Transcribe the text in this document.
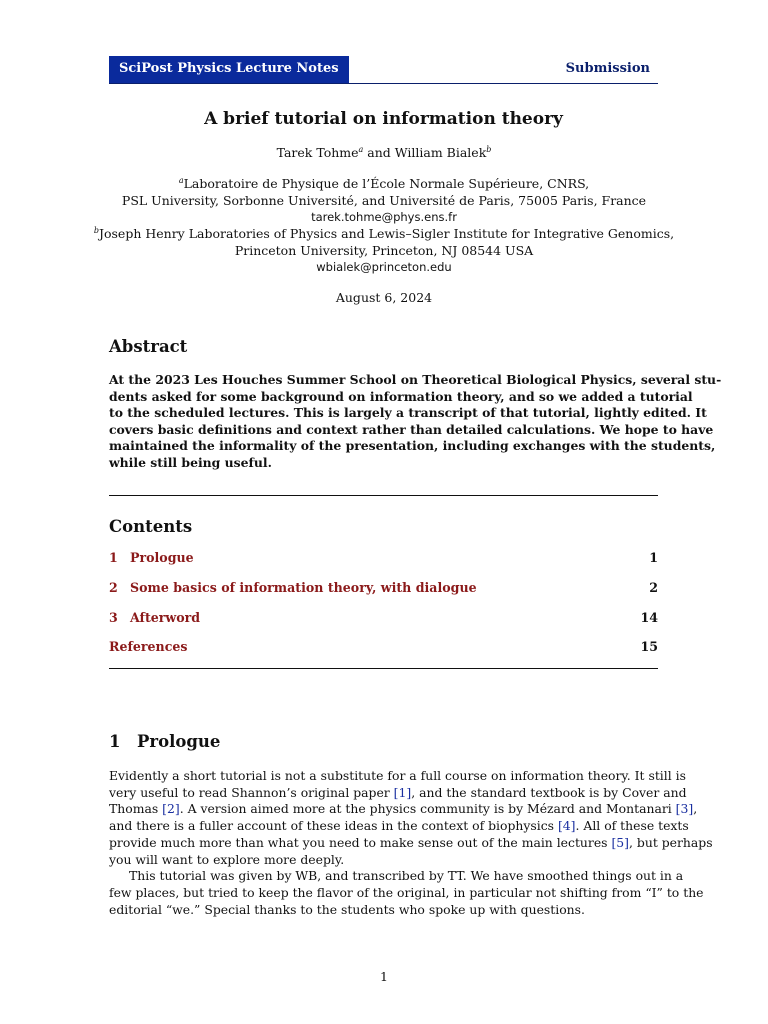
SciPost Physics Lecture Notes	Submission
A brief tutorial on information theory
Tarek Tohme$^a$ and William Bialek$^b$
$^a$Laboratoire de Physique de l’École Normale Supérieure, CNRS,
PSL University, Sorbonne Université, and Université de Paris, 75005 Paris, France
tarek.tohme@phys.ens.fr
$^b$Joseph Henry Laboratories of Physics and Lewis–Sigler Institute for Integrative Genomics,
Princeton University, Princeton, NJ 08544 USA
wbialek@princeton.edu
August 6, 2024
Abstract
At the 2023 Les Houches Summer School on Theoretical Biological Physics, several stu-
dents asked for some background on information theory, and so we added a tutorial
to the scheduled lectures. This is largely a transcript of that tutorial, lightly edited. It
covers basic definitions and context rather than detailed calculations. We hope to have
maintained the informality of the presentation, including exchanges with the students,
while still being useful.
Contents
1 Prologue	1
2 Some basics of information theory, with dialogue	2
3 Afterword	14
References	15
1 Prologue
Evidently a short tutorial is not a substitute for a full course on information theory. It still is
very useful to read Shannon’s original paper [1], and the standard textbook is by Cover and
Thomas [2]. A version aimed more at the physics community is by Mézard and Montanari [3],
and there is a fuller account of these ideas in the context of biophysics [4]. All of these texts
provide much more than what you need to make sense out of the main lectures [5], but perhaps
you will want to explore more deeply.
This tutorial was given by WB, and transcribed by TT. We have smoothed things out in a
few places, but tried to keep the flavor of the original, in particular not shifting from “I” to the
editorial “we.” Special thanks to the students who spoke up with questions.
1
